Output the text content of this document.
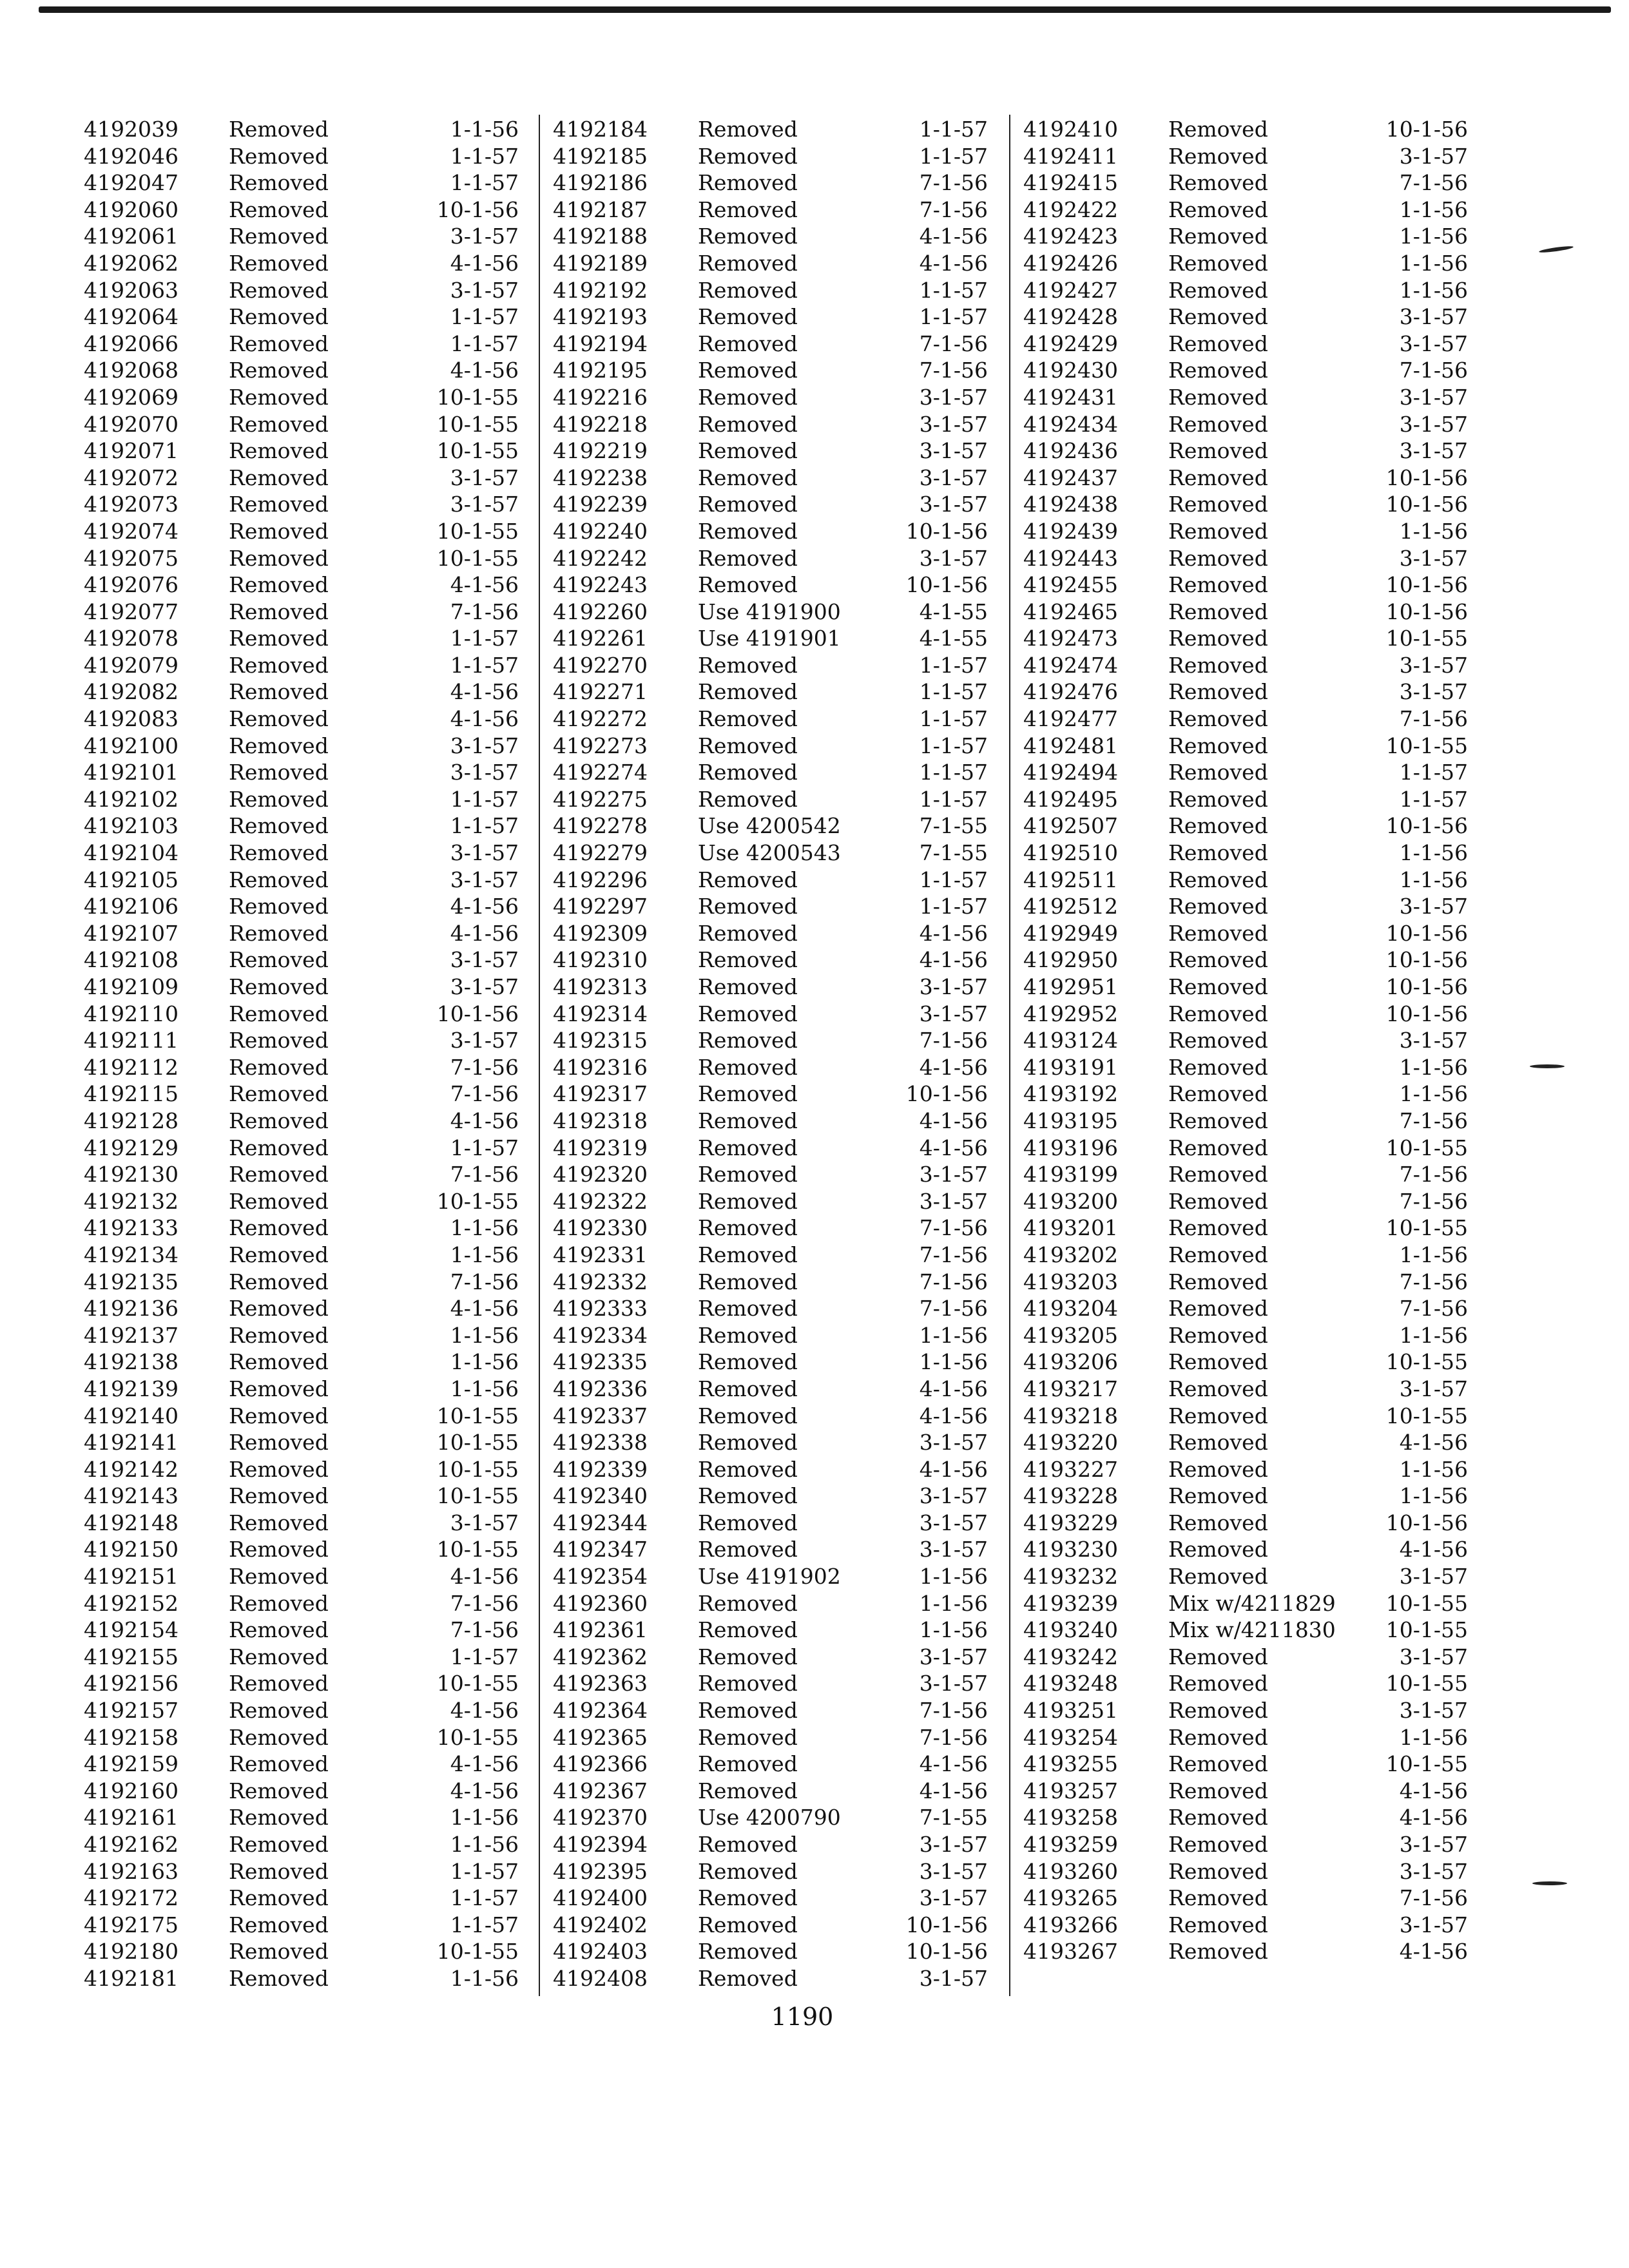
4192039	Removed	1-1-56
4192046	Removed	1-1-57
4192047	Removed	1-1-57
4192060	Removed	10-1-56
4192061	Removed	3-1-57
4192062	Removed	4-1-56
4192063	Removed	3-1-57
4192064	Removed	1-1-57
4192066	Removed	1-1-57
4192068	Removed	4-1-56
4192069	Removed	10-1-55
4192070	Removed	10-1-55
4192071	Removed	10-1-55
4192072	Removed	3-1-57
4192073	Removed	3-1-57
4192074	Removed	10-1-55
4192075	Removed	10-1-55
4192076	Removed	4-1-56
4192077	Removed	7-1-56
4192078	Removed	1-1-57
4192079	Removed	1-1-57
4192082	Removed	4-1-56
4192083	Removed	4-1-56
4192100	Removed	3-1-57
4192101	Removed	3-1-57
4192102	Removed	1-1-57
4192103	Removed	1-1-57
4192104	Removed	3-1-57
4192105	Removed	3-1-57
4192106	Removed	4-1-56
4192107	Removed	4-1-56
4192108	Removed	3-1-57
4192109	Removed	3-1-57
4192110	Removed	10-1-56
4192111	Removed	3-1-57
4192112	Removed	7-1-56
4192115	Removed	7-1-56
4192128	Removed	4-1-56
4192129	Removed	1-1-57
4192130	Removed	7-1-56
4192132	Removed	10-1-55
4192133	Removed	1-1-56
4192134	Removed	1-1-56
4192135	Removed	7-1-56
4192136	Removed	4-1-56
4192137	Removed	1-1-56
4192138	Removed	1-1-56
4192139	Removed	1-1-56
4192140	Removed	10-1-55
4192141	Removed	10-1-55
4192142	Removed	10-1-55
4192143	Removed	10-1-55
4192148	Removed	3-1-57
4192150	Removed	10-1-55
4192151	Removed	4-1-56
4192152	Removed	7-1-56
4192154	Removed	7-1-56
4192155	Removed	1-1-57
4192156	Removed	10-1-55
4192157	Removed	4-1-56
4192158	Removed	10-1-55
4192159	Removed	4-1-56
4192160	Removed	4-1-56
4192161	Removed	1-1-56
4192162	Removed	1-1-56
4192163	Removed	1-1-57
4192172	Removed	1-1-57
4192175	Removed	1-1-57
4192180	Removed	10-1-55
4192181	Removed	1-1-56
4192184	Removed	1-1-57
4192185	Removed	1-1-57
4192186	Removed	7-1-56
4192187	Removed	7-1-56
4192188	Removed	4-1-56
4192189	Removed	4-1-56
4192192	Removed	1-1-57
4192193	Removed	1-1-57
4192194	Removed	7-1-56
4192195	Removed	7-1-56
4192216	Removed	3-1-57
4192218	Removed	3-1-57
4192219	Removed	3-1-57
4192238	Removed	3-1-57
4192239	Removed	3-1-57
4192240	Removed	10-1-56
4192242	Removed	3-1-57
4192243	Removed	10-1-56
4192260	Use 4191900	4-1-55
4192261	Use 4191901	4-1-55
4192270	Removed	1-1-57
4192271	Removed	1-1-57
4192272	Removed	1-1-57
4192273	Removed	1-1-57
4192274	Removed	1-1-57
4192275	Removed	1-1-57
4192278	Use 4200542	7-1-55
4192279	Use 4200543	7-1-55
4192296	Removed	1-1-57
4192297	Removed	1-1-57
4192309	Removed	4-1-56
4192310	Removed	4-1-56
4192313	Removed	3-1-57
4192314	Removed	3-1-57
4192315	Removed	7-1-56
4192316	Removed	4-1-56
4192317	Removed	10-1-56
4192318	Removed	4-1-56
4192319	Removed	4-1-56
4192320	Removed	3-1-57
4192322	Removed	3-1-57
4192330	Removed	7-1-56
4192331	Removed	7-1-56
4192332	Removed	7-1-56
4192333	Removed	7-1-56
4192334	Removed	1-1-56
4192335	Removed	1-1-56
4192336	Removed	4-1-56
4192337	Removed	4-1-56
4192338	Removed	3-1-57
4192339	Removed	4-1-56
4192340	Removed	3-1-57
4192344	Removed	3-1-57
4192347	Removed	3-1-57
4192354	Use 4191902	1-1-56
4192360	Removed	1-1-56
4192361	Removed	1-1-56
4192362	Removed	3-1-57
4192363	Removed	3-1-57
4192364	Removed	7-1-56
4192365	Removed	7-1-56
4192366	Removed	4-1-56
4192367	Removed	4-1-56
4192370	Use 4200790	7-1-55
4192394	Removed	3-1-57
4192395	Removed	3-1-57
4192400	Removed	3-1-57
4192402	Removed	10-1-56
4192403	Removed	10-1-56
4192408	Removed	3-1-57
4192410	Removed	10-1-56
4192411	Removed	3-1-57
4192415	Removed	7-1-56
4192422	Removed	1-1-56
4192423	Removed	1-1-56
4192426	Removed	1-1-56
4192427	Removed	1-1-56
4192428	Removed	3-1-57
4192429	Removed	3-1-57
4192430	Removed	7-1-56
4192431	Removed	3-1-57
4192434	Removed	3-1-57
4192436	Removed	3-1-57
4192437	Removed	10-1-56
4192438	Removed	10-1-56
4192439	Removed	1-1-56
4192443	Removed	3-1-57
4192455	Removed	10-1-56
4192465	Removed	10-1-56
4192473	Removed	10-1-55
4192474	Removed	3-1-57
4192476	Removed	3-1-57
4192477	Removed	7-1-56
4192481	Removed	10-1-55
4192494	Removed	1-1-57
4192495	Removed	1-1-57
4192507	Removed	10-1-56
4192510	Removed	1-1-56
4192511	Removed	1-1-56
4192512	Removed	3-1-57
4192949	Removed	10-1-56
4192950	Removed	10-1-56
4192951	Removed	10-1-56
4192952	Removed	10-1-56
4193124	Removed	3-1-57
4193191	Removed	1-1-56
4193192	Removed	1-1-56
4193195	Removed	7-1-56
4193196	Removed	10-1-55
4193199	Removed	7-1-56
4193200	Removed	7-1-56
4193201	Removed	10-1-55
4193202	Removed	1-1-56
4193203	Removed	7-1-56
4193204	Removed	7-1-56
4193205	Removed	1-1-56
4193206	Removed	10-1-55
4193217	Removed	3-1-57
4193218	Removed	10-1-55
4193220	Removed	4-1-56
4193227	Removed	1-1-56
4193228	Removed	1-1-56
4193229	Removed	10-1-56
4193230	Removed	4-1-56
4193232	Removed	3-1-57
4193239	Mix w/4211829	10-1-55
4193240	Mix w/4211830	10-1-55
4193242	Removed	3-1-57
4193248	Removed	10-1-55
4193251	Removed	3-1-57
4193254	Removed	1-1-56
4193255	Removed	10-1-55
4193257	Removed	4-1-56
4193258	Removed	4-1-56
4193259	Removed	3-1-57
4193260	Removed	3-1-57
4193265	Removed	7-1-56
4193266	Removed	3-1-57
4193267	Removed	4-1-56
1190
